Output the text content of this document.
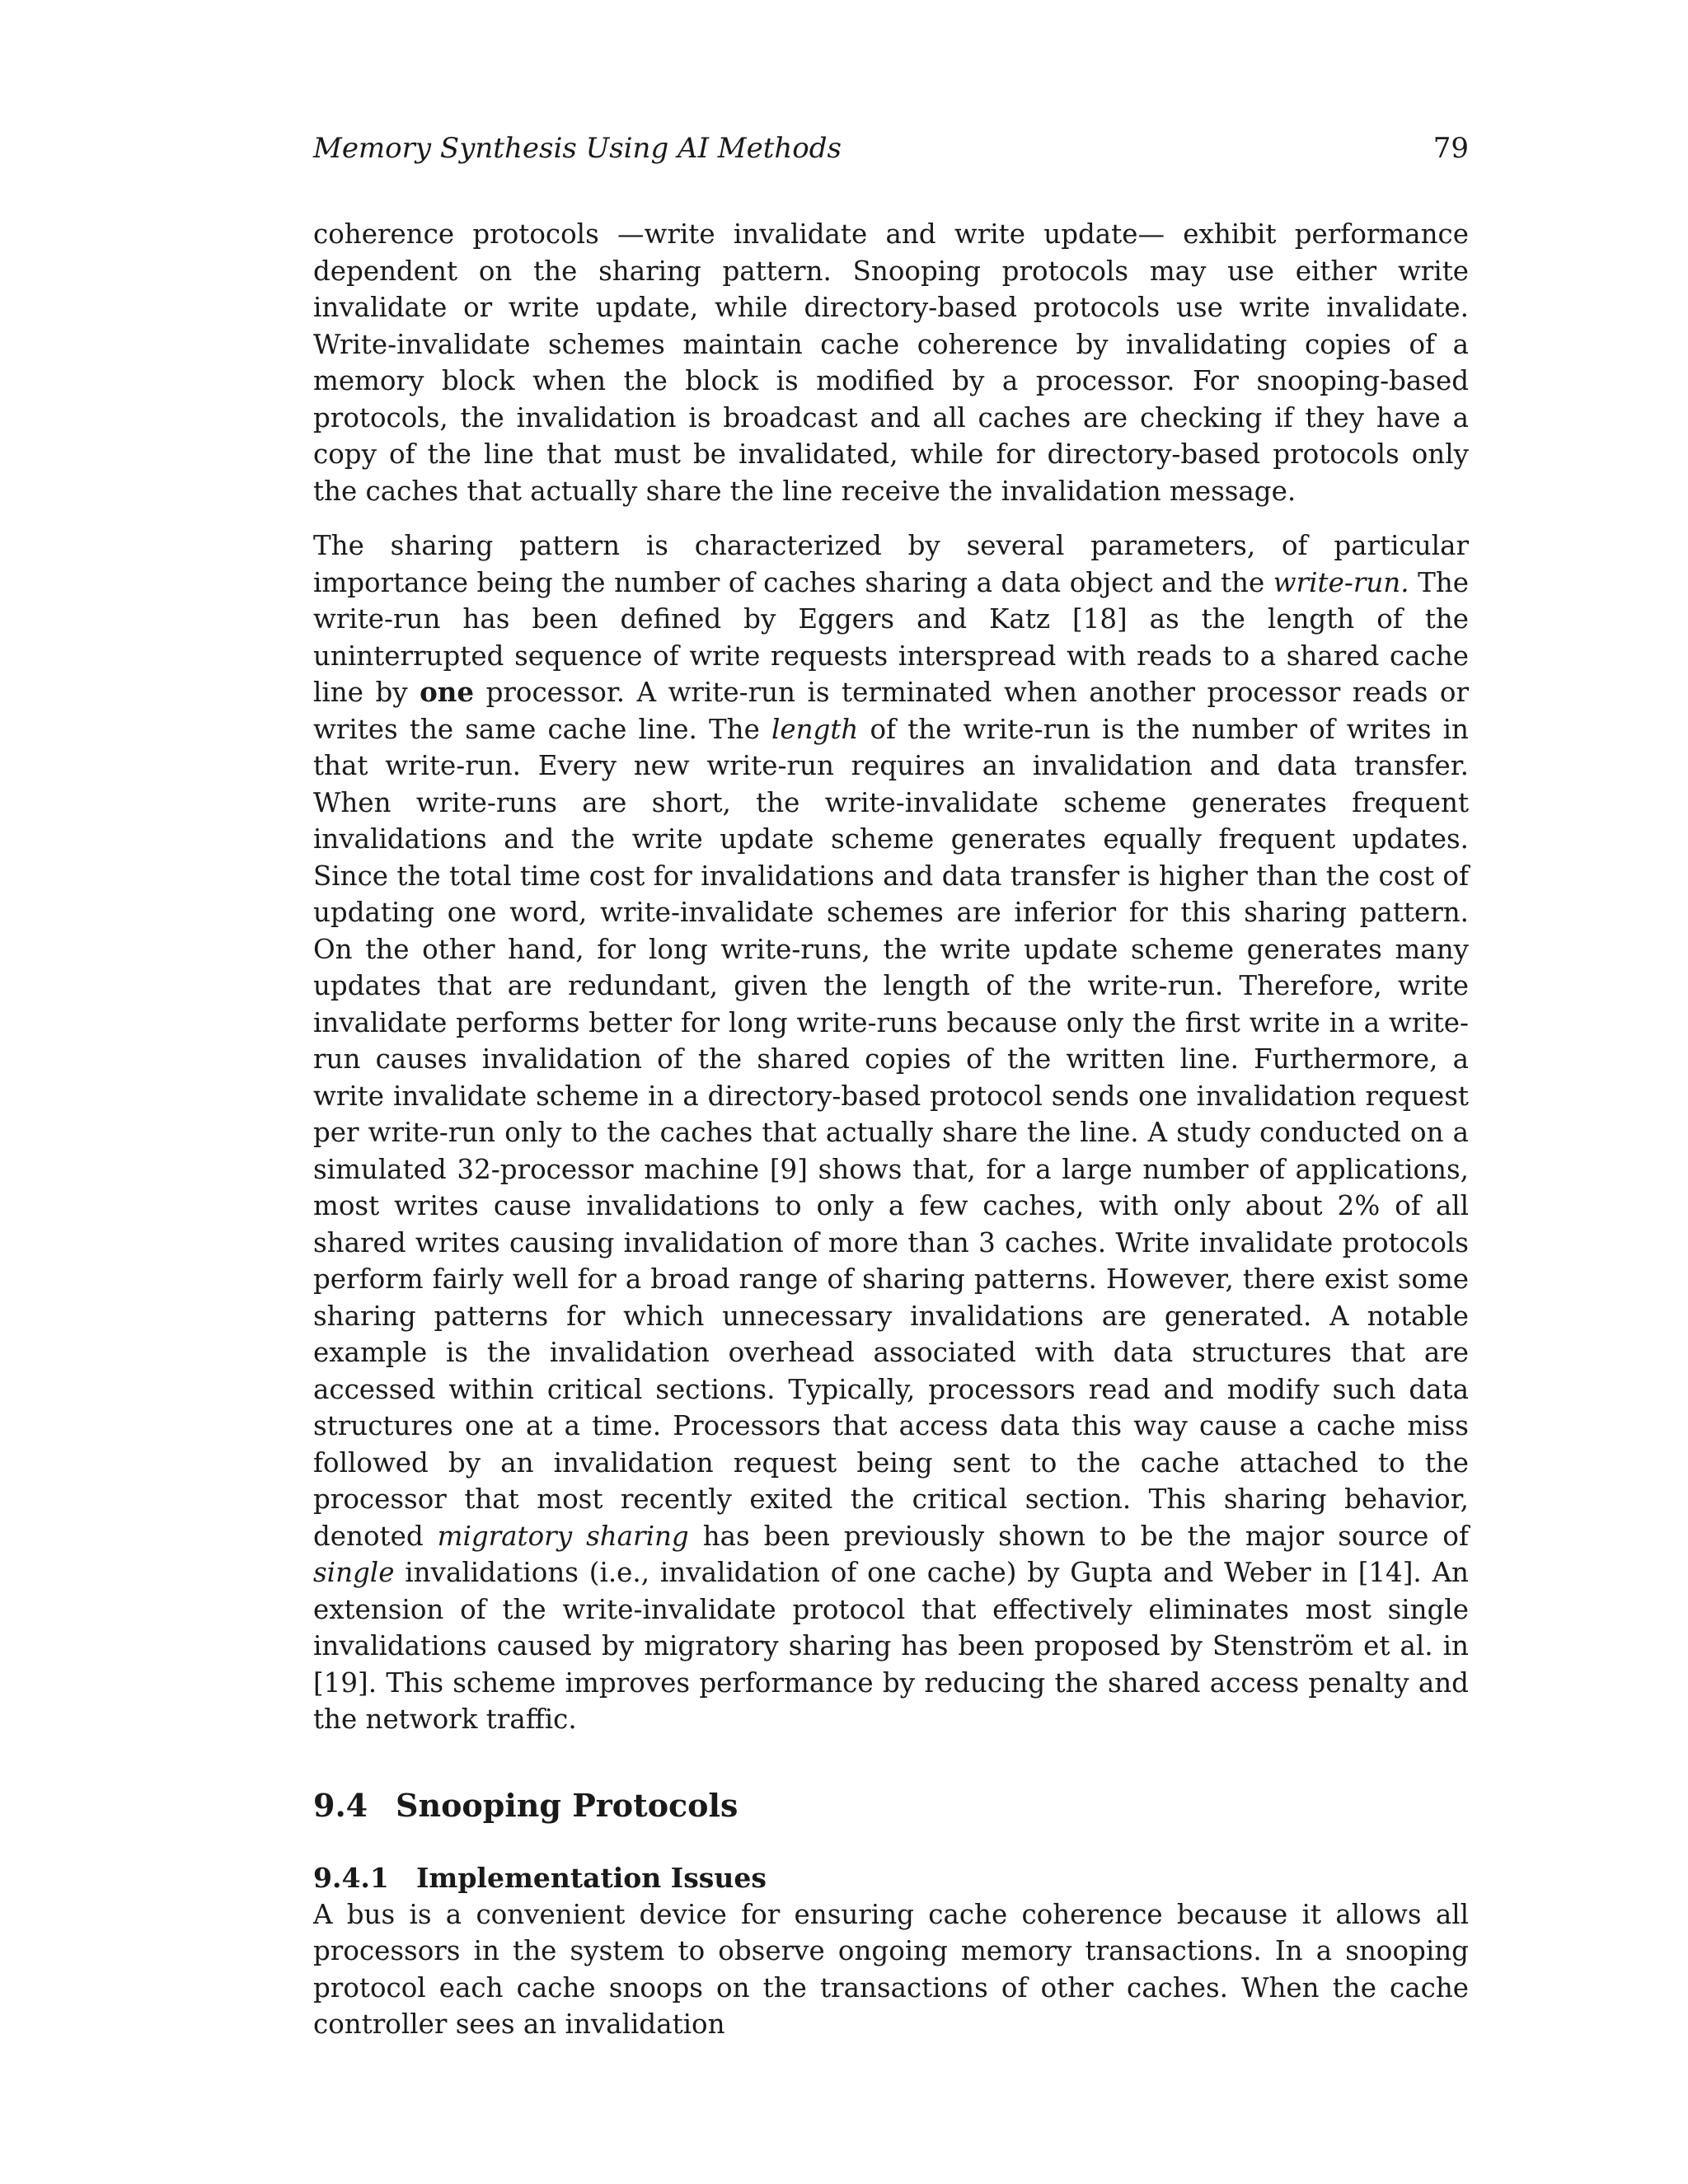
Memory Synthesis Using AI Methods	79

coherence protocols —write invalidate and write update— exhibit performance dependent on the sharing pattern. Snooping protocols may use either write invalidate or write update, while directory-based protocols use write invalidate. Write-invalidate schemes maintain cache coherence by invalidating copies of a memory block when the block is modified by a processor. For snooping-based protocols, the invalidation is broadcast and all caches are checking if they have a copy of the line that must be invalidated, while for directory-based protocols only the caches that actually share the line receive the invalidation message.

The sharing pattern is characterized by several parameters, of particular importance being the number of caches sharing a data object and the write-run. The write-run has been defined by Eggers and Katz [18] as the length of the uninterrupted sequence of write requests interspread with reads to a shared cache line by one processor. A write-run is terminated when another processor reads or writes the same cache line. The length of the write-run is the number of writes in that write-run. Every new write-run requires an invalidation and data transfer. When write-runs are short, the write-invalidate scheme generates frequent invalidations and the write update scheme generates equally frequent updates. Since the total time cost for invalidations and data transfer is higher than the cost of updating one word, write-invalidate schemes are inferior for this sharing pattern. On the other hand, for long write-runs, the write update scheme generates many updates that are redundant, given the length of the write-run. Therefore, write invalidate performs better for long write-runs because only the first write in a write-run causes invalidation of the shared copies of the written line. Furthermore, a write invalidate scheme in a directory-based protocol sends one invalidation request per write-run only to the caches that actually share the line. A study conducted on a simulated 32-processor machine [9] shows that, for a large number of applications, most writes cause invalidations to only a few caches, with only about 2% of all shared writes causing invalidation of more than 3 caches. Write invalidate protocols perform fairly well for a broad range of sharing patterns. However, there exist some sharing patterns for which unnecessary invalidations are generated. A notable example is the invalidation overhead associated with data structures that are accessed within critical sections. Typically, processors read and modify such data structures one at a time. Processors that access data this way cause a cache miss followed by an invalidation request being sent to the cache attached to the processor that most recently exited the critical section. This sharing behavior, denoted migratory sharing has been previously shown to be the major source of single invalidations (i.e., invalidation of one cache) by Gupta and Weber in [14]. An extension of the write-invalidate protocol that effectively eliminates most single invalidations caused by migratory sharing has been proposed by Stenström et al. in [19]. This scheme improves performance by reducing the shared access penalty and the network traffic.

9.4 Snooping Protocols
9.4.1 Implementation Issues

A bus is a convenient device for ensuring cache coherence because it allows all processors in the system to observe ongoing memory transactions. In a snooping protocol each cache snoops on the transactions of other caches. When the cache controller sees an invalidation
